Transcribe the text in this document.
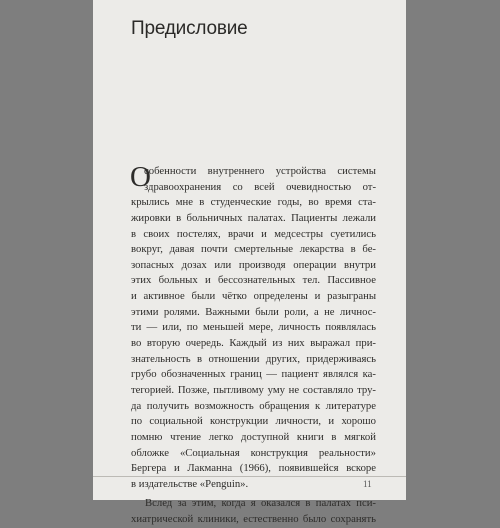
Предисловие
О
собенности внутреннего устройства системы
здравоохранения со всей очевидностью от-
крылись мне в студенческие годы, во время ста-
жировки в больничных палатах. Пациенты лежали
в своих постелях, врачи и медсестры суетились
вокруг, давая почти смертельные лекарства в бе-
зопасных дозах или производя операции внутри
этих больных и бессознательных тел. Пассивное
и активное были чётко определены и разыграны
этими ролями. Важными были роли, а не личнос-
ти — или, по меньшей мере, личность появлялась
во вторую очередь. Каждый из них выражал при-
знательность в отношении других, придерживаясь
грубо обозначенных границ — пациент являлся ка-
тегорией. Позже, пытливому уму не составляло тру-
да получить возможность обращения к литературе
по социальной конструкции личности, и хорошо
помню чтение легко доступной книги в мягкой
обложке «Социальная конструкция реальности»
Бергера и Лакманна (1966), появившейся вскоре
в издательстве «Penguin».
Вслед за этим, когда я оказался в палатах пси-
хиатрической клиники, естественно было сохранять
11
